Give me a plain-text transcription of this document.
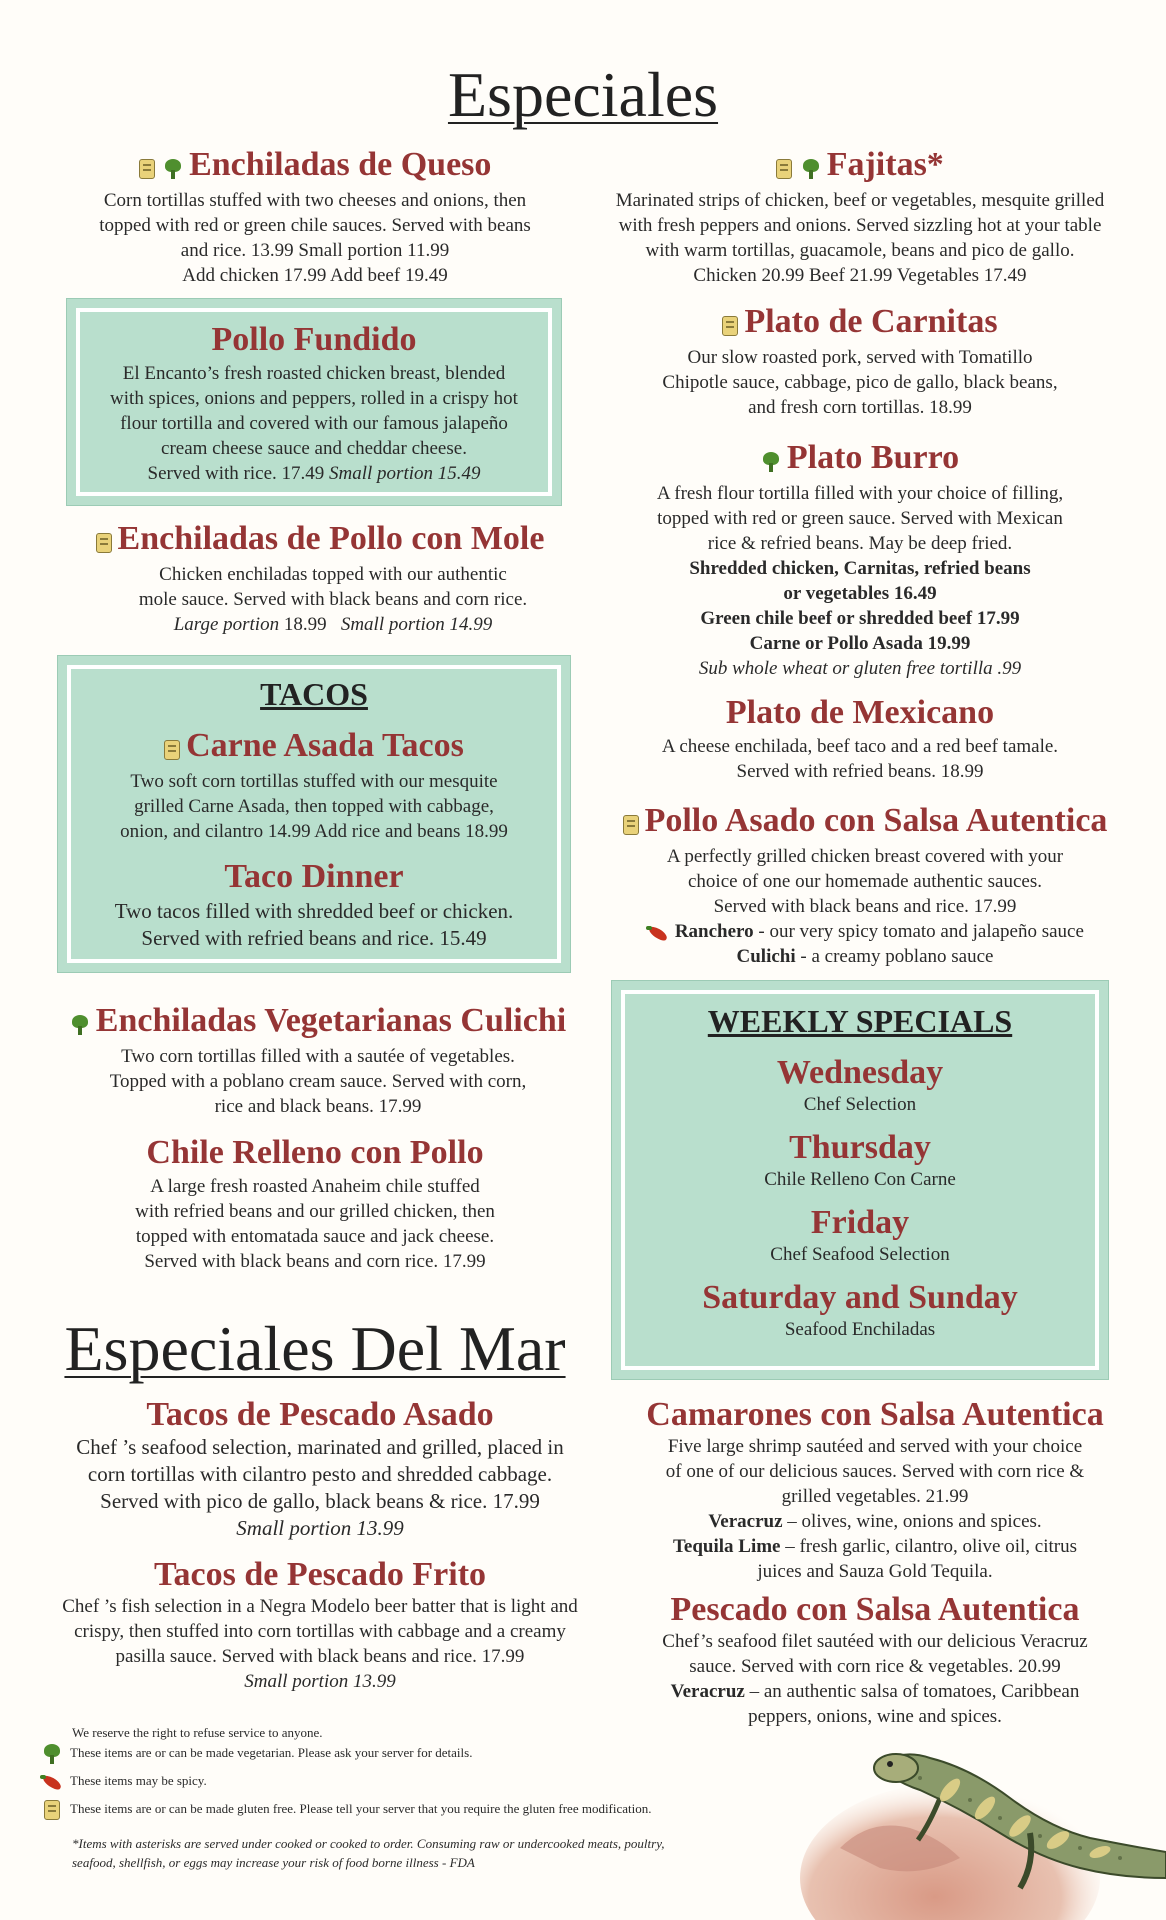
Especiales
Enchiladas de Queso
Corn tortillas stuffed with two cheeses and onions, then
topped with red or green chile sauces. Served with beans
and rice. 13.99 Small portion 11.99
Add chicken 17.99 Add beef 19.49
Pollo Fundido
El Encanto’s fresh roasted chicken breast, blended
with spices, onions and peppers, rolled in a crispy hot
flour tortilla and covered with our famous jalapeño
cream cheese sauce and cheddar cheese.
Served with rice. 17.49 Small portion 15.49
Enchiladas de Pollo con Mole
Chicken enchiladas topped with our authentic
mole sauce. Served with black beans and corn rice.
Large portion 18.99 Small portion 14.99
TACOS
Carne Asada Tacos
Two soft corn tortillas stuffed with our mesquite
grilled Carne Asada, then topped with cabbage,
onion, and cilantro 14.99 Add rice and beans 18.99
Taco Dinner
Two tacos filled with shredded beef or chicken.
Served with refried beans and rice. 15.49
Enchiladas Vegetarianas Culichi
Two corn tortillas filled with a sautée of vegetables.
Topped with a poblano cream sauce. Served with corn,
rice and black beans. 17.99
Chile Relleno con Pollo
A large fresh roasted Anaheim chile stuffed
with refried beans and our grilled chicken, then
topped with entomatada sauce and jack cheese.
Served with black beans and corn rice. 17.99
Especiales Del Mar
Tacos de Pescado Asado
Chef ’s seafood selection, marinated and grilled, placed in
corn tortillas with cilantro pesto and shredded cabbage.
Served with pico de gallo, black beans & rice. 17.99
Small portion 13.99
Tacos de Pescado Frito
Chef ’s fish selection in a Negra Modelo beer batter that is light and
crispy, then stuffed into corn tortillas with cabbage and a creamy
pasilla sauce. Served with black beans and rice. 17.99
Small portion 13.99
Fajitas*
Marinated strips of chicken, beef or vegetables, mesquite grilled
with fresh peppers and onions. Served sizzling hot at your table
with warm tortillas, guacamole, beans and pico de gallo.
Chicken 20.99 Beef 21.99 Vegetables 17.49
Plato de Carnitas
Our slow roasted pork, served with Tomatillo
Chipotle sauce, cabbage, pico de gallo, black beans,
and fresh corn tortillas. 18.99
Plato Burro
A fresh flour tortilla filled with your choice of filling,
topped with red or green sauce. Served with Mexican
rice & refried beans. May be deep fried.
Shredded chicken, Carnitas, refried beans
or vegetables 16.49
Green chile beef or shredded beef 17.99
Carne or Pollo Asada 19.99
Sub whole wheat or gluten free tortilla .99
Plato de Mexicano
A cheese enchilada, beef taco and a red beef tamale.
Served with refried beans. 18.99
Pollo Asado con Salsa Autentica
A perfectly grilled chicken breast covered with your
choice of one our homemade authentic sauces.
Served with black beans and rice. 17.99
Ranchero - our very spicy tomato and jalapeño sauce
Culichi - a creamy poblano sauce
WEEKLY SPECIALS
Wednesday
Chef Selection
Thursday
Chile Relleno Con Carne
Friday
Chef Seafood Selection
Saturday and Sunday
Seafood Enchiladas
Camarones con Salsa Autentica
Five large shrimp sautéed and served with your choice
of one of our delicious sauces. Served with corn rice &
grilled vegetables. 21.99
Veracruz – olives, wine, onions and spices.
Tequila Lime – fresh garlic, cilantro, olive oil, citrus
juices and Sauza Gold Tequila.
Pescado con Salsa Autentica
Chef’s seafood filet sautéed with our delicious Veracruz
sauce. Served with corn rice & vegetables. 20.99
Veracruz – an authentic salsa of tomatoes, Caribbean
peppers, onions, wine and spices.
We reserve the right to refuse service to anyone.
These items are or can be made vegetarian. Please ask your server for details.
These items may be spicy.
These items are or can be made gluten free. Please tell your server that you require the gluten free modification.
*Items with asterisks are served under cooked or cooked to order. Consuming raw or undercooked meats, poultry,
seafood, shellfish, or eggs may increase your risk of food borne illness - FDA
